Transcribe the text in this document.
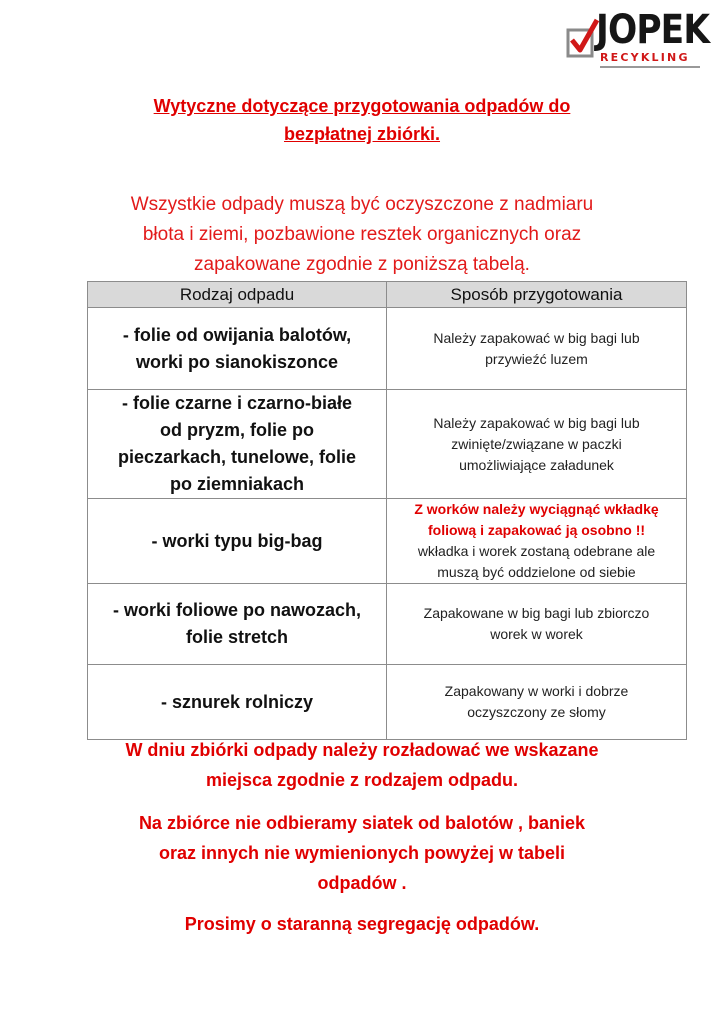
JOPEK
RECYKLING
Wytyczne dotyczące przygotowania odpadów do
bezpłatnej zbiórki.
Wszystkie odpady muszą być oczyszczone z nadmiaru
błota i ziemi, pozbawione resztek organicznych oraz
zapakowane zgodnie z poniższą tabelą.
Rodzaj odpadu	Sposób przygotowania

- folie od owijania balotów,
worki po sianokiszonce	Należy zapakować w big bagi lub
przywieźć luzem

- folie czarne i czarno-białe
od pryzm, folie po
pieczarkach, tunelowe, folie
po ziemniakach	Należy zapakować w big bagi lub
zwinięte/związane w paczki
umożliwiające załadunek

- worki typu big-bag	Z worków należy wyciągnąć wkładkę
foliową i zapakować ją osobno !!
wkładka i worek zostaną odebrane ale
muszą być oddzielone od siebie

- worki foliowe po nawozach,
folie stretch	Zapakowane w big bagi lub zbiorczo
worek w worek

- sznurek rolniczy	Zapakowany w worki i dobrze
oczyszczony ze słomy
W dniu zbiórki odpady należy rozładować we wskazane
miejsca zgodnie z rodzajem odpadu.
Na zbiórce nie odbieramy siatek od balotów , baniek
oraz innych nie wymienionych powyżej w tabeli
odpadów .
Prosimy o staranną segregację odpadów.
